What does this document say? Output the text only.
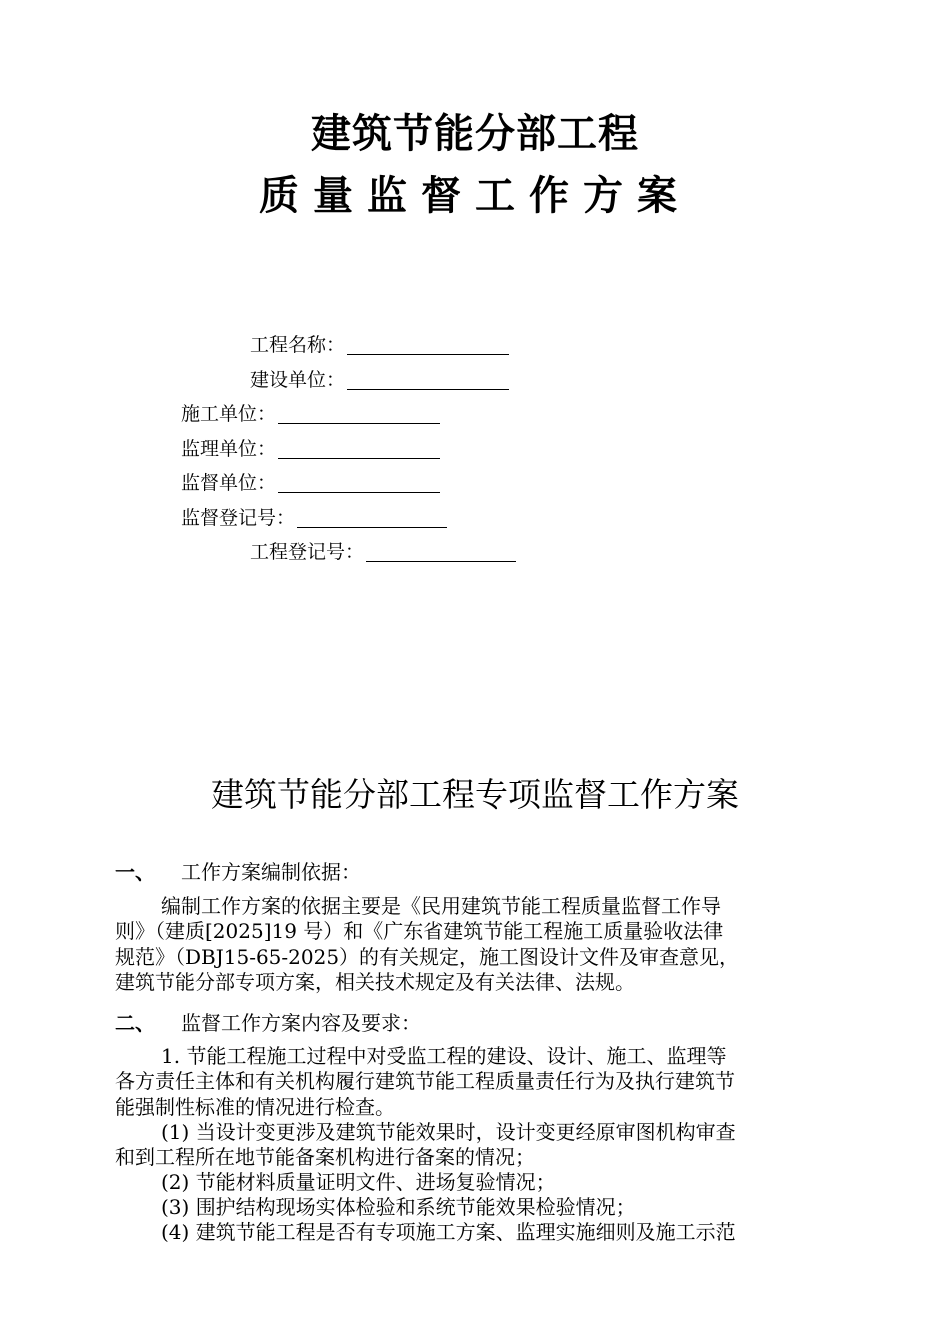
建筑节能分部工程
质量监督工作方案
工程名称：
建设单位：
施工单位：
监理单位：
监督单位：
监督登记号：
工程登记号：
建筑节能分部工程专项监督工作方案
一、 工作方案编制依据：
编制工作方案的依据主要是《民用建筑节能工程质量监督工作导
则》（建质[2025]19 号）和《广东省建筑节能工程施工质量验收法律
规范》（DBJ15-65-2025）的有关规定，施工图设计文件及审查意见，
建筑节能分部专项方案，相关技术规定及有关法律、法规。
二、 监督工作方案内容及要求：
1. 节能工程施工过程中对受监工程的建设、设计、施工、监理等
各方责任主体和有关机构履行建筑节能工程质量责任行为及执行建筑节
能强制性标准的情况进行检查。
(1) 当设计变更涉及建筑节能效果时，设计变更经原审图机构审查
和到工程所在地节能备案机构进行备案的情况；
(2) 节能材料质量证明文件、进场复验情况；
(3) 围护结构现场实体检验和系统节能效果检验情况；
(4) 建筑节能工程是否有专项施工方案、监理实施细则及施工示范
